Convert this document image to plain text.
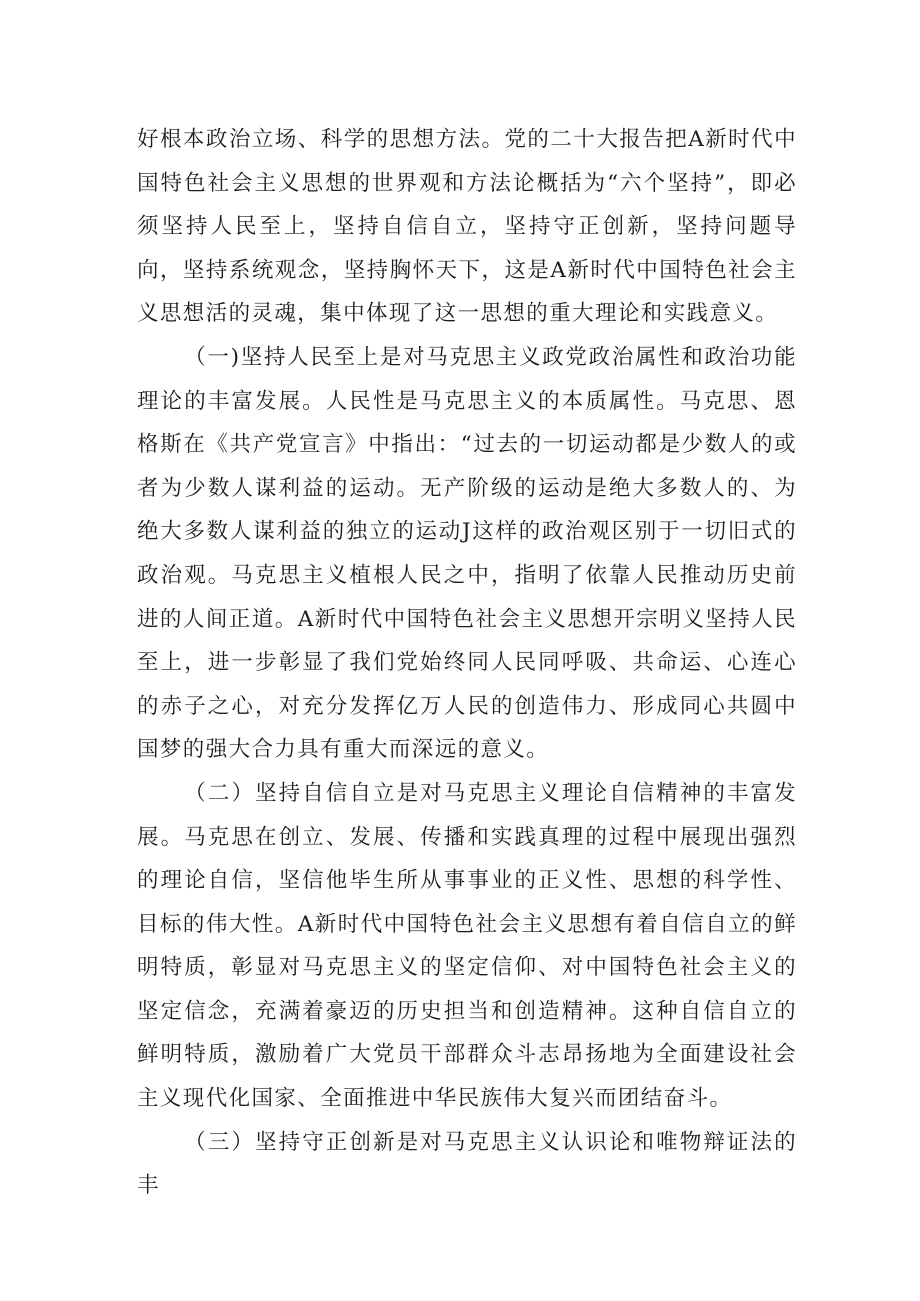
好根本政治立场、科学的思想方法。党的二十大报告把A新时代中国特色社会主义思想的世界观和方法论概括为“六个坚持”，即必须坚持人民至上，坚持自信自立，坚持守正创新，坚持问题导向，坚持系统观念，坚持胸怀天下，这是A新时代中国特色社会主义思想活的灵魂，集中体现了这一思想的重大理论和实践意义。

（一)坚持人民至上是对马克思主义政党政治属性和政治功能理论的丰富发展。人民性是马克思主义的本质属性。马克思、恩格斯在《共产党宣言》中指出：“过去的一切运动都是少数人的或者为少数人谋利益的运动。无产阶级的运动是绝大多数人的、为绝大多数人谋利益的独立的运动J这样的政治观区别于一切旧式的政治观。马克思主义植根人民之中，指明了依靠人民推动历史前进的人间正道。A新时代中国特色社会主义思想开宗明义坚持人民至上，进一步彰显了我们党始终同人民同呼吸、共命运、心连心的赤子之心，对充分发挥亿万人民的创造伟力、形成同心共圆中国梦的强大合力具有重大而深远的意义。

（二）坚持自信自立是对马克思主义理论自信精神的丰富发展。马克思在创立、发展、传播和实践真理的过程中展现出强烈的理论自信，坚信他毕生所从事事业的正义性、思想的科学性、目标的伟大性。A新时代中国特色社会主义思想有着自信自立的鲜明特质，彰显对马克思主义的坚定信仰、对中国特色社会主义的坚定信念，充满着豪迈的历史担当和创造精神。这种自信自立的鲜明特质，激励着广大党员干部群众斗志昂扬地为全面建设社会主义现代化国家、全面推进中华民族伟大复兴而团结奋斗。

（三）坚持守正创新是对马克思主义认识论和唯物辩证法的丰
